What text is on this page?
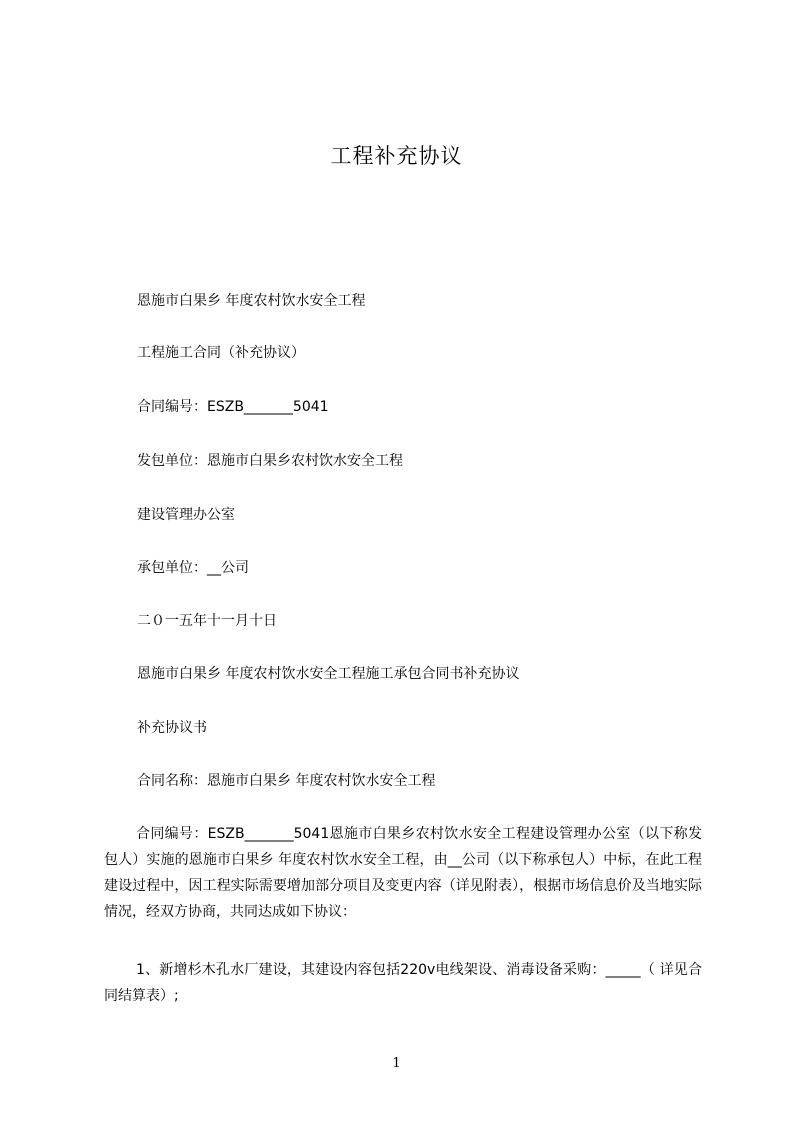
工程补充协议
恩施市白果乡 年度农村饮水安全工程
工程施工合同（补充协议）
合同编号：ESZB_______5041
发包单位：恩施市白果乡农村饮水安全工程
建设管理办公室
承包单位：__公司
二０一五年十一月十日
恩施市白果乡 年度农村饮水安全工程施工承包合同书补充协议
补充协议书
合同名称：恩施市白果乡 年度农村饮水安全工程
合同编号：ESZB_______5041恩施市白果乡农村饮水安全工程建设管理办公室（以下称发包人）实施的恩施市白果乡 年度农村饮水安全工程，由__公司（以下称承包人）中标，在此工程建设过程中，因工程实际需要增加部分项目及变更内容（详见附表），根据市场信息价及当地实际情况，经双方协商，共同达成如下协议：
1、新增杉木孔水厂建设，其建设内容包括220v电线架设、消毒设备采购：_____（ 详见合同结算表）;
1
